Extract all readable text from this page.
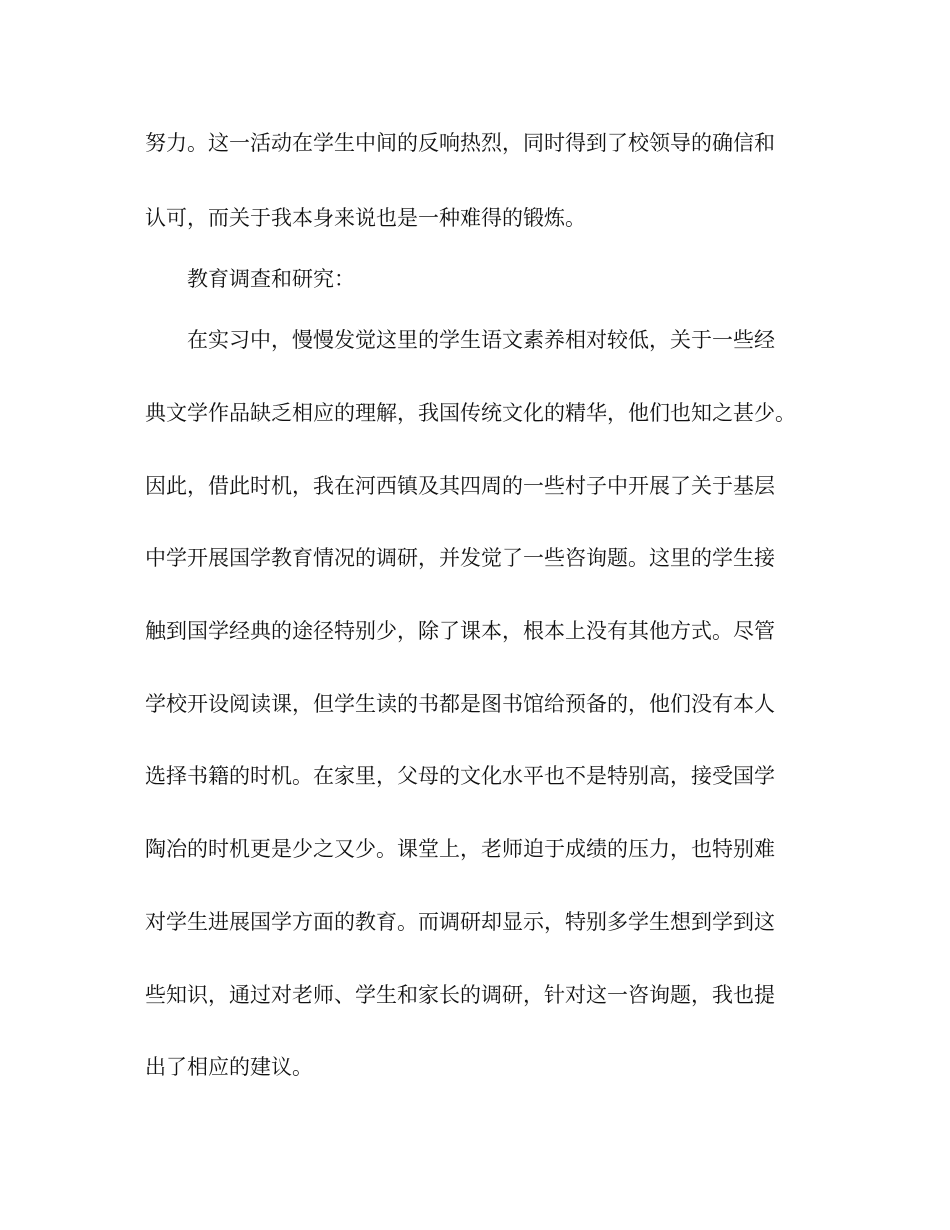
努力。这一活动在学生中间的反响热烈，同时得到了校领导的确信和

认可，而关于我本身来说也是一种难得的锻炼。

教育调查和研究：

在实习中，慢慢发觉这里的学生语文素养相对较低，关于一些经

典文学作品缺乏相应的理解，我国传统文化的精华，他们也知之甚少。

因此，借此时机，我在河西镇及其四周的一些村子中开展了关于基层

中学开展国学教育情况的调研，并发觉了一些咨询题。这里的学生接

触到国学经典的途径特别少，除了课本，根本上没有其他方式。尽管

学校开设阅读课，但学生读的书都是图书馆给预备的，他们没有本人

选择书籍的时机。在家里，父母的文化水平也不是特别高，接受国学

陶冶的时机更是少之又少。课堂上，老师迫于成绩的压力，也特别难

对学生进展国学方面的教育。而调研却显示，特别多学生想到学到这

些知识，通过对老师、学生和家长的调研，针对这一咨询题，我也提

出了相应的建议。
